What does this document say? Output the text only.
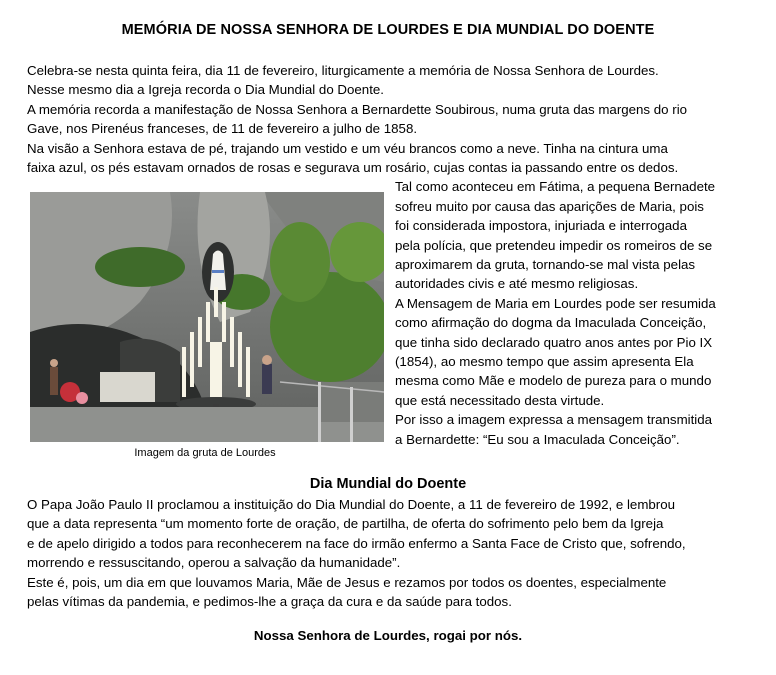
MEMÓRIA DE NOSSA SENHORA DE LOURDES E DIA MUNDIAL DO DOENTE
Celebra-se nesta quinta feira, dia 11 de fevereiro, liturgicamente a memória de Nossa Senhora de Lourdes.
Nesse mesmo dia a Igreja recorda o Dia Mundial do Doente.
A memória recorda a manifestação de Nossa Senhora a Bernardette Soubirous, numa gruta das margens do rio
Gave, nos Pirenéus franceses, de 11 de fevereiro a julho de 1858.
Na visão a Senhora estava de pé, trajando um vestido e um véu brancos como a neve. Tinha na cintura uma
faixa azul, os pés estavam ornados de rosas e segurava um rosário, cujas contas ia passando entre os dedos.
Imagem da gruta de Lourdes
Tal como aconteceu em Fátima, a pequena Bernadete
sofreu muito por causa das aparições de Maria, pois
foi considerada impostora, injuriada e interrogada
pela polícia, que pretendeu impedir os romeiros de se
aproximarem da gruta, tornando-se mal vista pelas
autoridades civis e até mesmo religiosas.
A Mensagem de Maria em Lourdes pode ser resumida
como afirmação do dogma da Imaculada Conceição,
que tinha sido declarado quatro anos antes por Pio IX
(1854), ao mesmo tempo que assim apresenta Ela
mesma como Mãe e modelo de pureza para o mundo
que está necessitado desta virtude.
Por isso a imagem expressa a mensagem transmitida
a Bernardette: “Eu sou a Imaculada Conceição”.
Dia Mundial do Doente
O Papa João Paulo II proclamou a instituição do Dia Mundial do Doente, a 11 de fevereiro de 1992, e lembrou
que a data representa “um momento forte de oração, de partilha, de oferta do sofrimento pelo bem da Igreja
e de apelo dirigido a todos para reconhecerem na face do irmão enfermo a Santa Face de Cristo que, sofrendo,
morrendo e ressuscitando, operou a salvação da humanidade”.
Este é, pois, um dia em que louvamos Maria, Mãe de Jesus e rezamos por todos os doentes, especialmente
pelas vítimas da pandemia, e pedimos-lhe a graça da cura e da saúde para todos.
Nossa Senhora de Lourdes, rogai por nós.
